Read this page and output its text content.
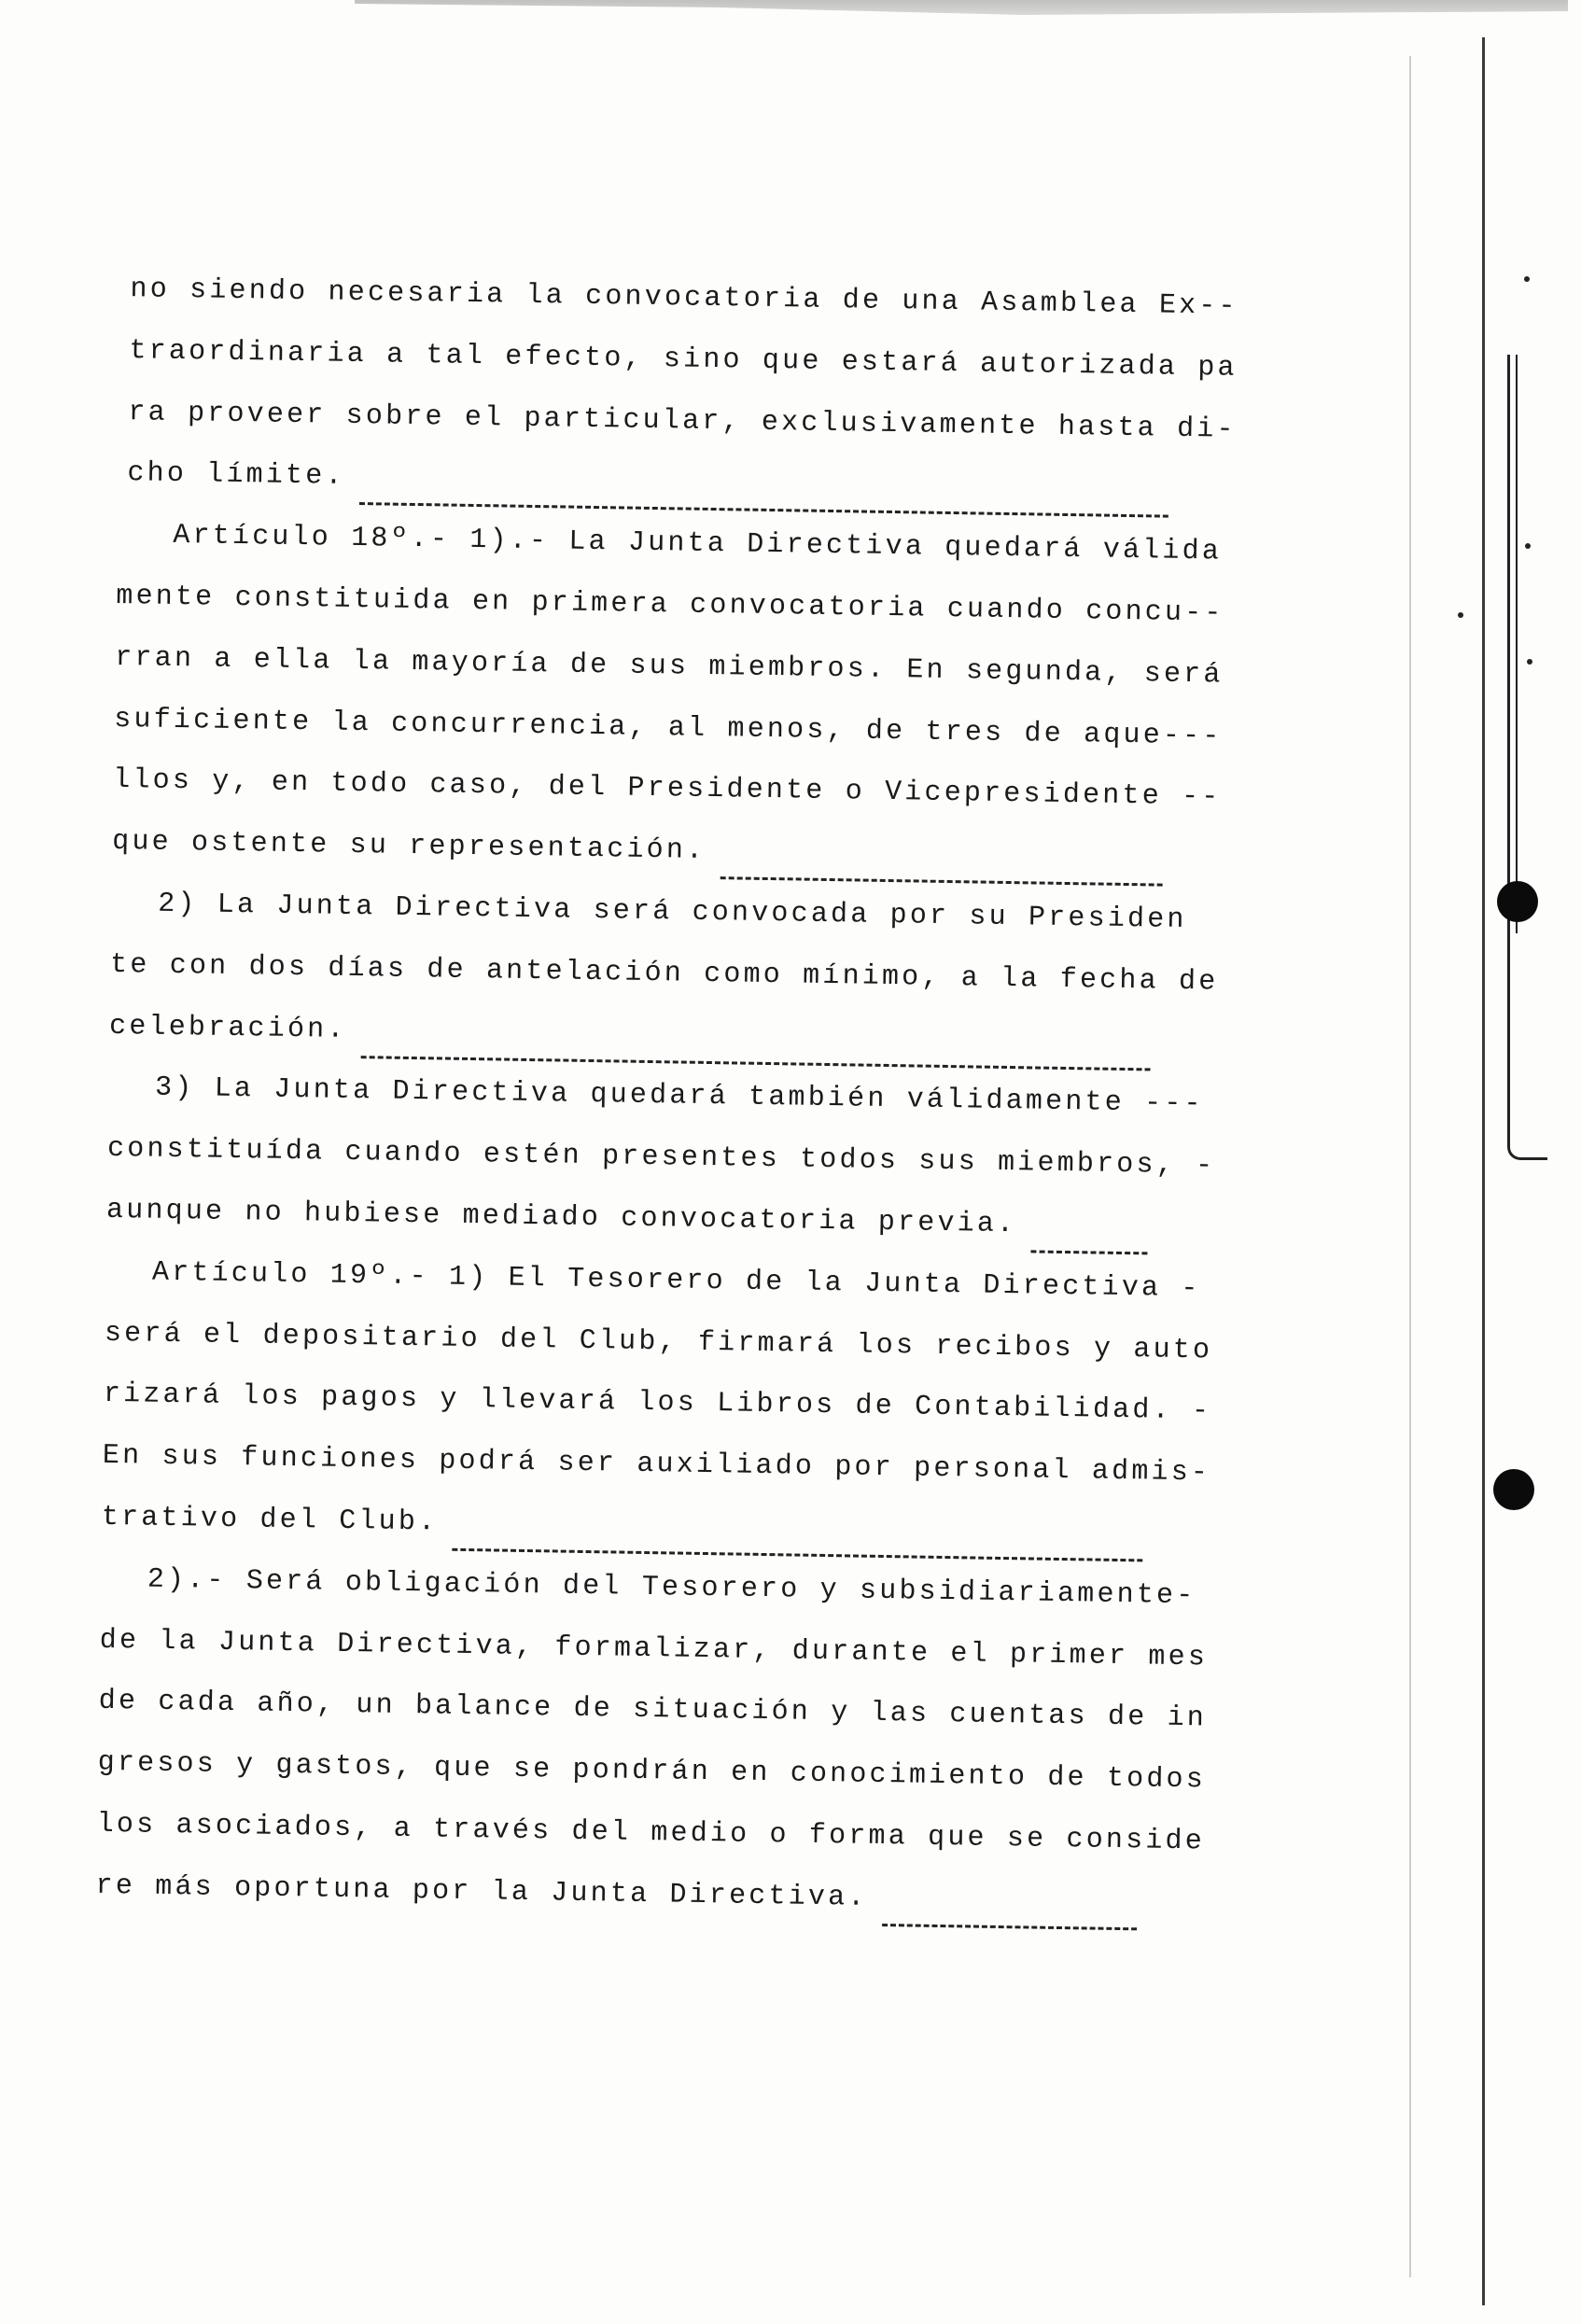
no siendo necesaria la convocatoria de una Asamblea Ex--
traordinaria a tal efecto, sino que estará autorizada pa
ra proveer sobre el particular, exclusivamente hasta di-
cho límite.
Artículo 18º.- 1).- La Junta Directiva quedará válida
mente constituida en primera convocatoria cuando concu--
rran a ella la mayoría de sus miembros. En segunda, será
suficiente la concurrencia, al menos, de tres de aque---
llos y, en todo caso, del Presidente o Vicepresidente --
que ostente su representación.
2) La Junta Directiva será convocada por su Presiden
te con dos días de antelación como mínimo, a la fecha de
celebración.
3) La Junta Directiva quedará también válidamente ---
constituída cuando estén presentes todos sus miembros, -
aunque no hubiese mediado convocatoria previa.
Artículo 19º.- 1) El Tesorero de la Junta Directiva -
será el depositario del Club, firmará los recibos y auto
rizará los pagos y llevará los Libros de Contabilidad. -
En sus funciones podrá ser auxiliado por personal admis-
trativo del Club.
2).- Será obligación del Tesorero y subsidiariamente-
de la Junta Directiva, formalizar, durante el primer mes
de cada año, un balance de situación y las cuentas de in
gresos y gastos, que se pondrán en conocimiento de todos
los asociados, a través del medio o forma que se conside
re más oportuna por la Junta Directiva.
